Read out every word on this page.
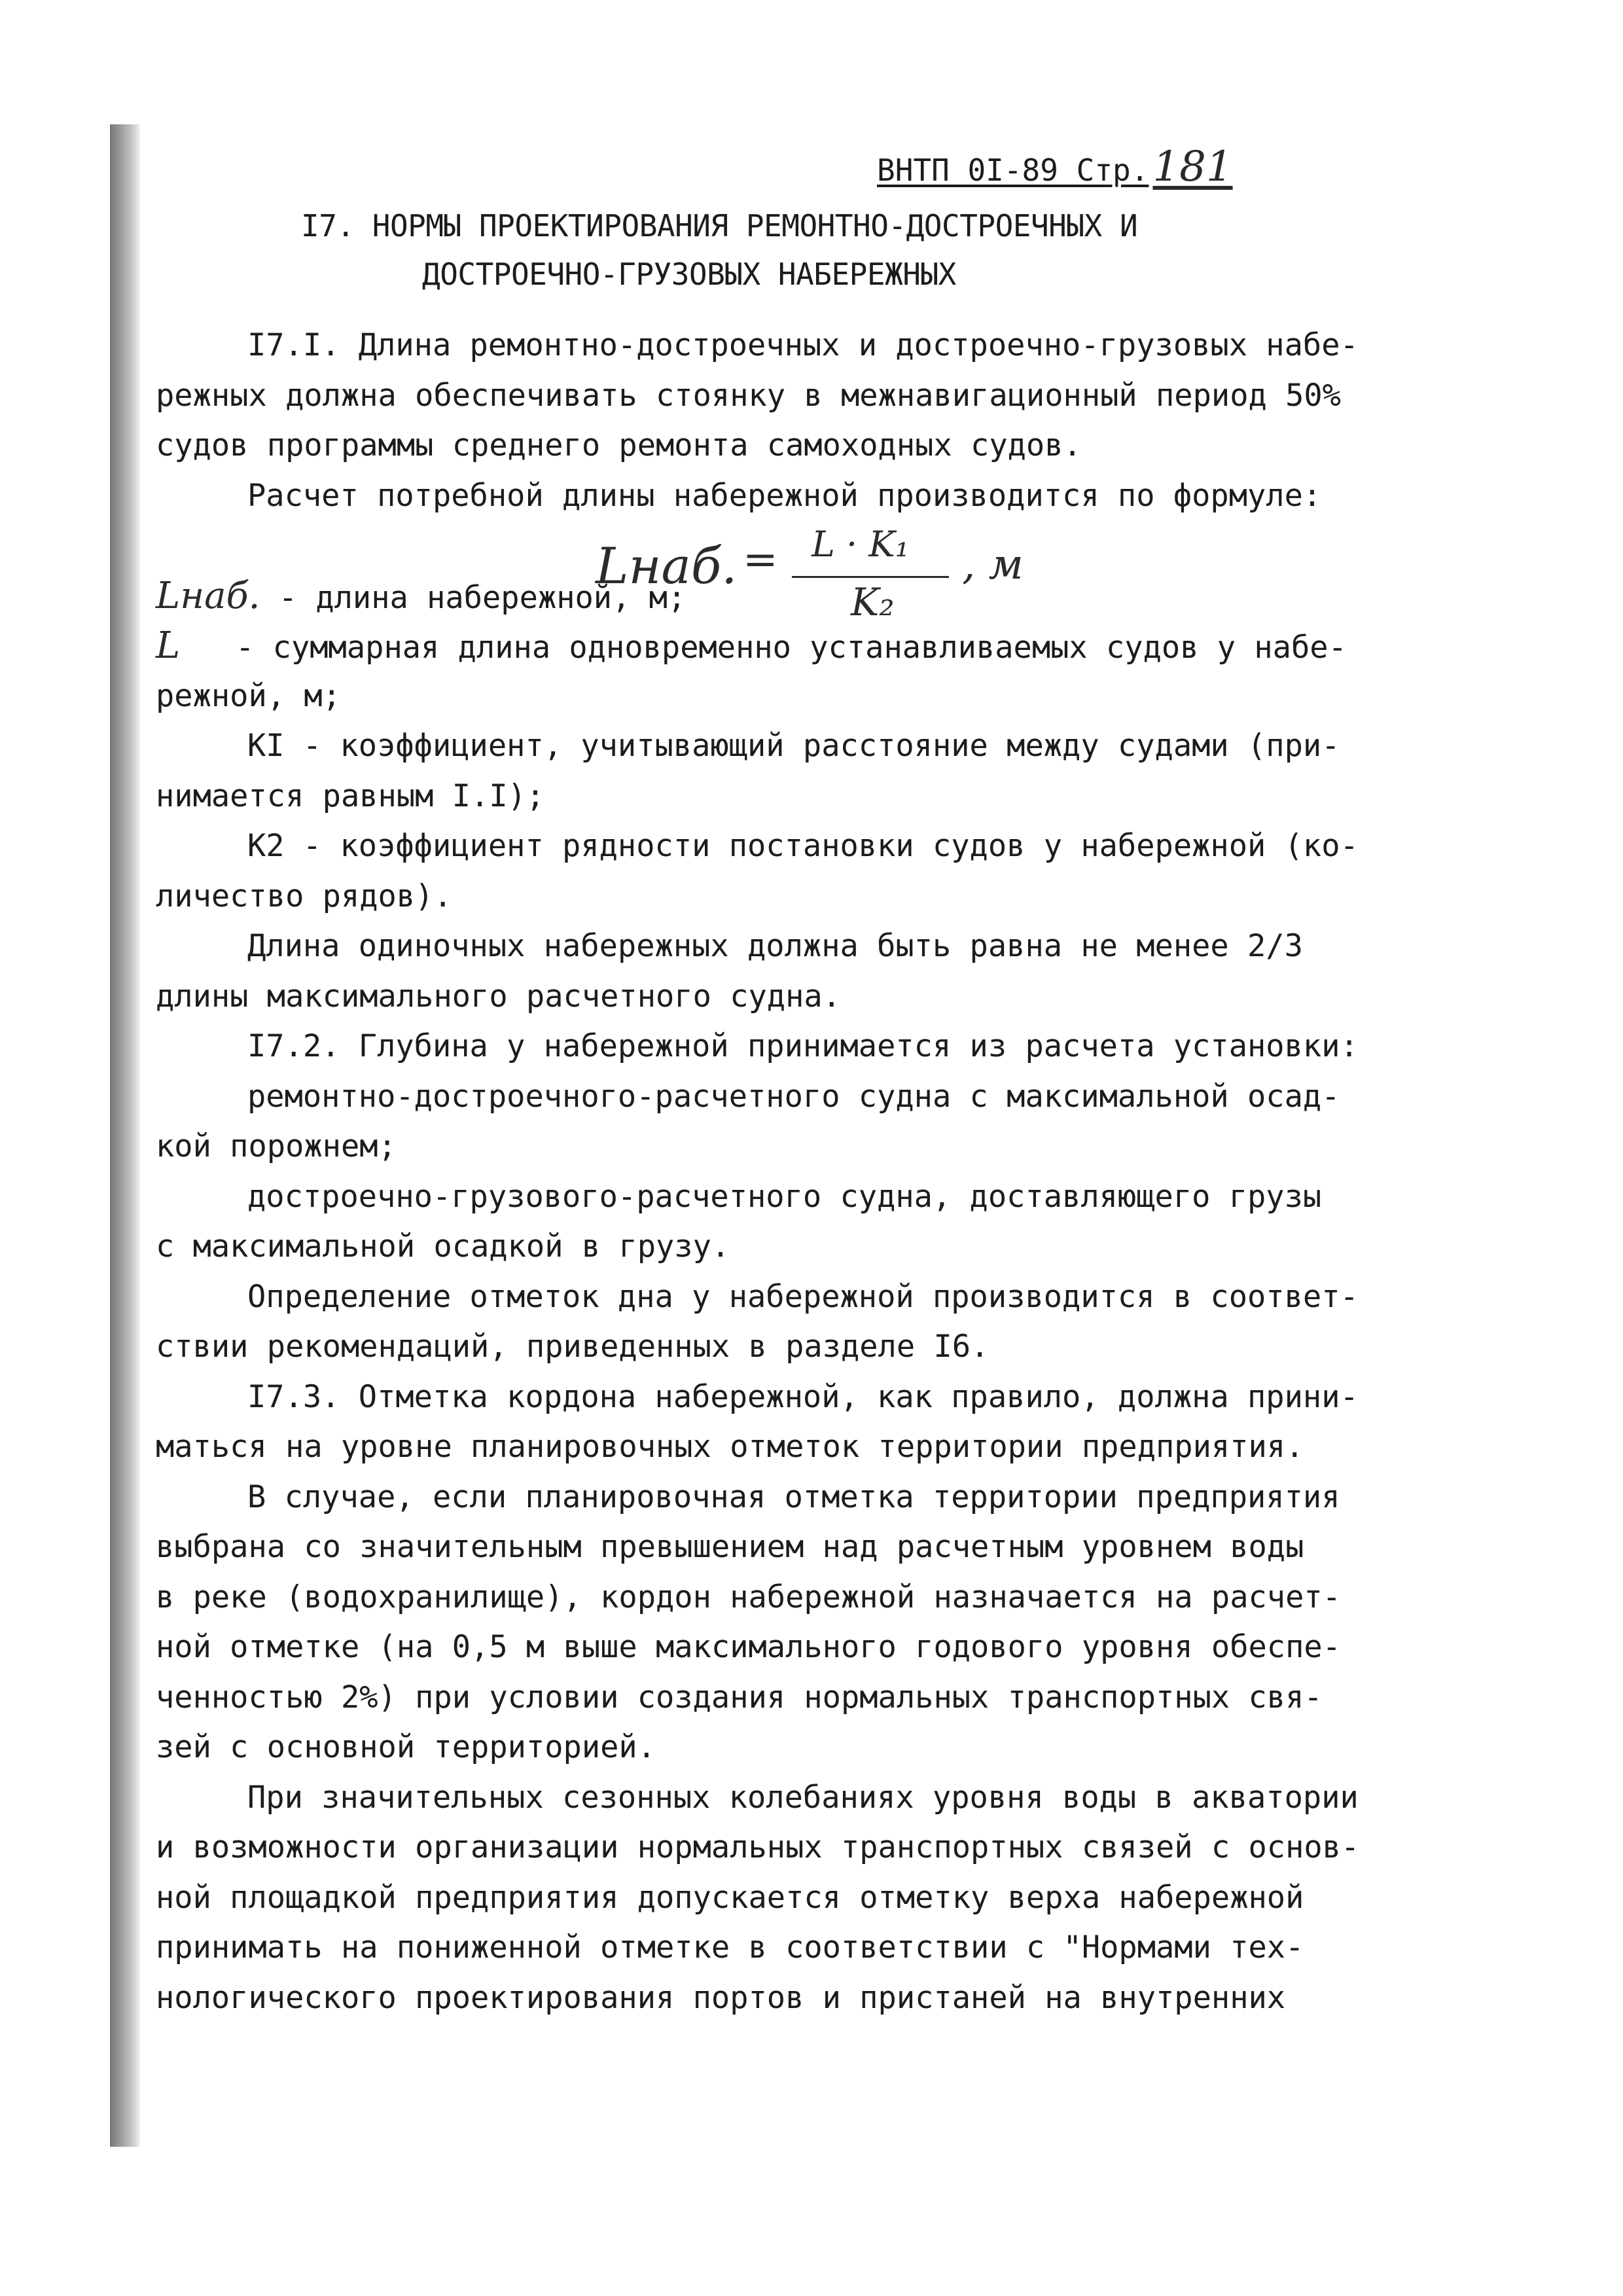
ВНТП 0I-89 Стр.181
I7. НОРМЫ ПРОЕКТИРОВАНИЯ РЕМОНТНО-ДОСТРОЕЧНЫХ И
ДОСТРОЕЧНО-ГРУЗОВЫХ НАБЕРЕЖНЫХ
Lнаб. = L · K₁
K₂
, м
I7.I. Длина ремонтно-достроечных и достроечно-грузовых набе-
режных должна обеспечивать стоянку в межнавигационный период 50%
судов программы среднего ремонта самоходных судов.
Расчет потребной длины набережной производится по формуле:
Lнаб. - длина набережной, м;
L   - суммарная длина одновременно устанавливаемых судов у набе-
режной, м;
KI - коэффициент, учитывающий расстояние между судами (при-
нимается равным I.I);
K2 - коэффициент рядности постановки судов у набережной (ко-
личество рядов).
Длина одиночных набережных должна быть равна не менее 2/3
длины максимального расчетного судна.
I7.2. Глубина у набережной принимается из расчета установки:
ремонтно-достроечного-расчетного судна с максимальной осад-
кой порожнем;
достроечно-грузового-расчетного судна, доставляющего грузы
с максимальной осадкой в грузу.
Определение отметок дна у набережной производится в соответ-
ствии рекомендаций, приведенных в разделе I6.
I7.3. Отметка кордона набережной, как правило, должна прини-
маться на уровне планировочных отметок территории предприятия.
В случае, если планировочная отметка территории предприятия
выбрана со значительным превышением над расчетным уровнем воды
в реке (водохранилище), кордон набережной назначается на расчет-
ной отметке (на 0,5 м выше максимального годового уровня обеспе-
ченностью 2%) при условии создания нормальных транспортных свя-
зей с основной территорией.
При значительных сезонных колебаниях уровня воды в акватории
и возможности организации нормальных транспортных связей с основ-
ной площадкой предприятия допускается отметку верха набережной
принимать на пониженной отметке в соответствии с "Нормами тех-
нологического проектирования портов и пристаней на внутренних
